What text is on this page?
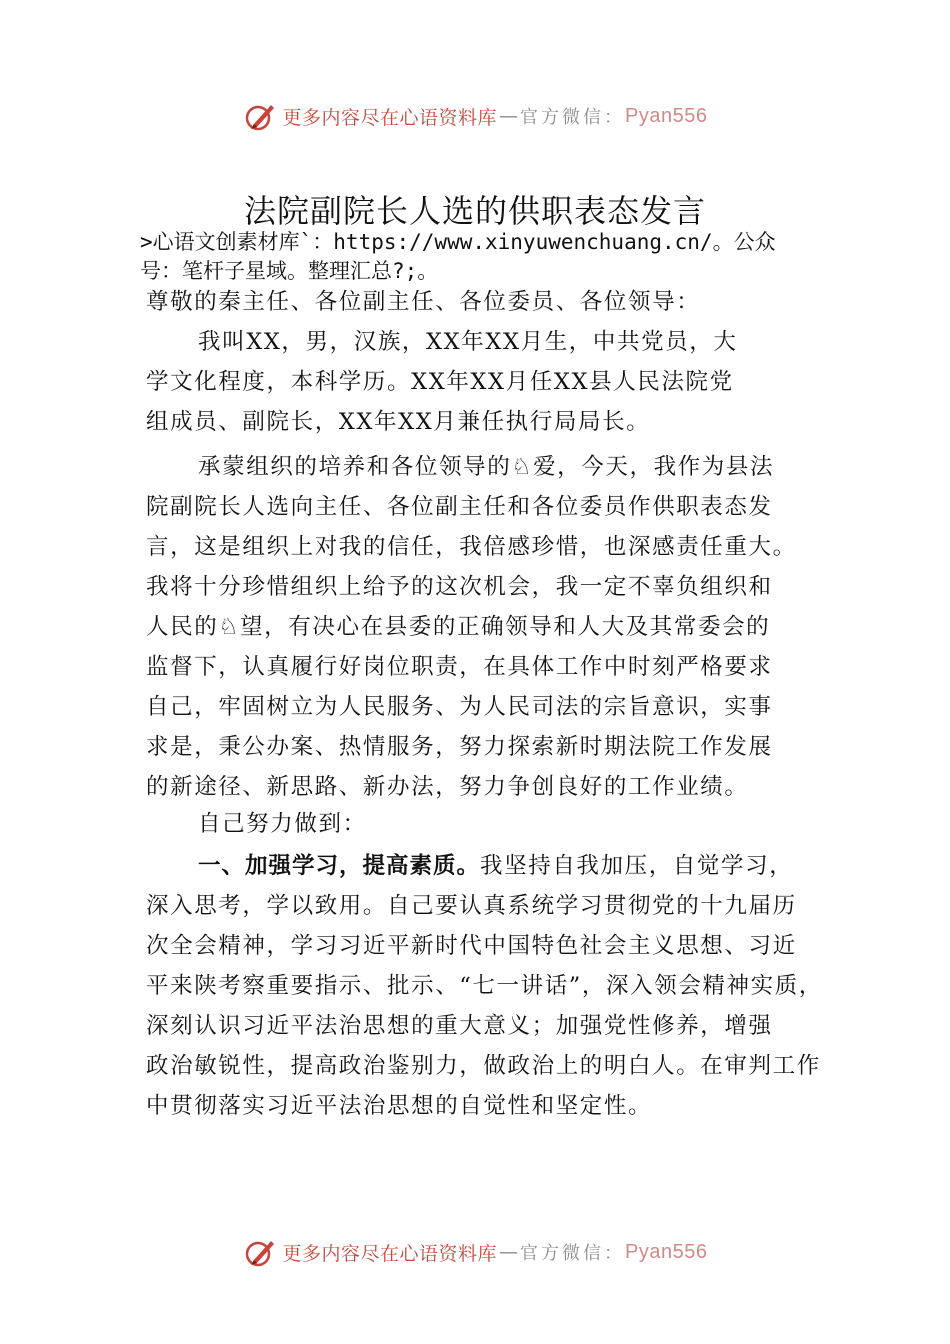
更多内容尽在心语资料库 — 官方微信： Pyan556
法院副院长人选的供职表态发言
>心语文创素材库`：https://www.xinyuwenchuang.cn/。公众
号：笔杆子星域。整理汇总?;。
尊敬的秦主任、各位副主任、各位委员、各位领导：
我叫XX，男，汉族，XX年XX月生，中共党员，大
学文化程度，本科学历。XX年XX月任XX县人民法院党
组成员、副院长，XX年XX月兼任执行局局长。
承蒙组织的培养和各位领导的♘爱，今天，我作为县法
院副院长人选向主任、各位副主任和各位委员作供职表态发
言，这是组织上对我的信任，我倍感珍惜，也深感责任重大。
我将十分珍惜组织上给予的这次机会，我一定不辜负组织和
人民的♘望，有决心在县委的正确领导和人大及其常委会的
监督下，认真履行好岗位职责，在具体工作中时刻严格要求
自己，牢固树立为人民服务、为人民司法的宗旨意识，实事
求是，秉公办案、热情服务，努力探索新时期法院工作发展
的新途径、新思路、新办法，努力争创良好的工作业绩。
自己努力做到：
一、加强学习，提高素质。我坚持自我加压，自觉学习，
深入思考，学以致用。自己要认真系统学习贯彻党的十九届历
次全会精神，学习习近平新时代中国特色社会主义思想、习近
平来陕考察重要指示、批示、“七一讲话”，深入领会精神实质，
深刻认识习近平法治思想的重大意义；加强党性修养，增强
政治敏锐性，提高政治鉴别力，做政治上的明白人。在审判工作
中贯彻落实习近平法治思想的自觉性和坚定性。
更多内容尽在心语资料库 — 官方微信： Pyan556
